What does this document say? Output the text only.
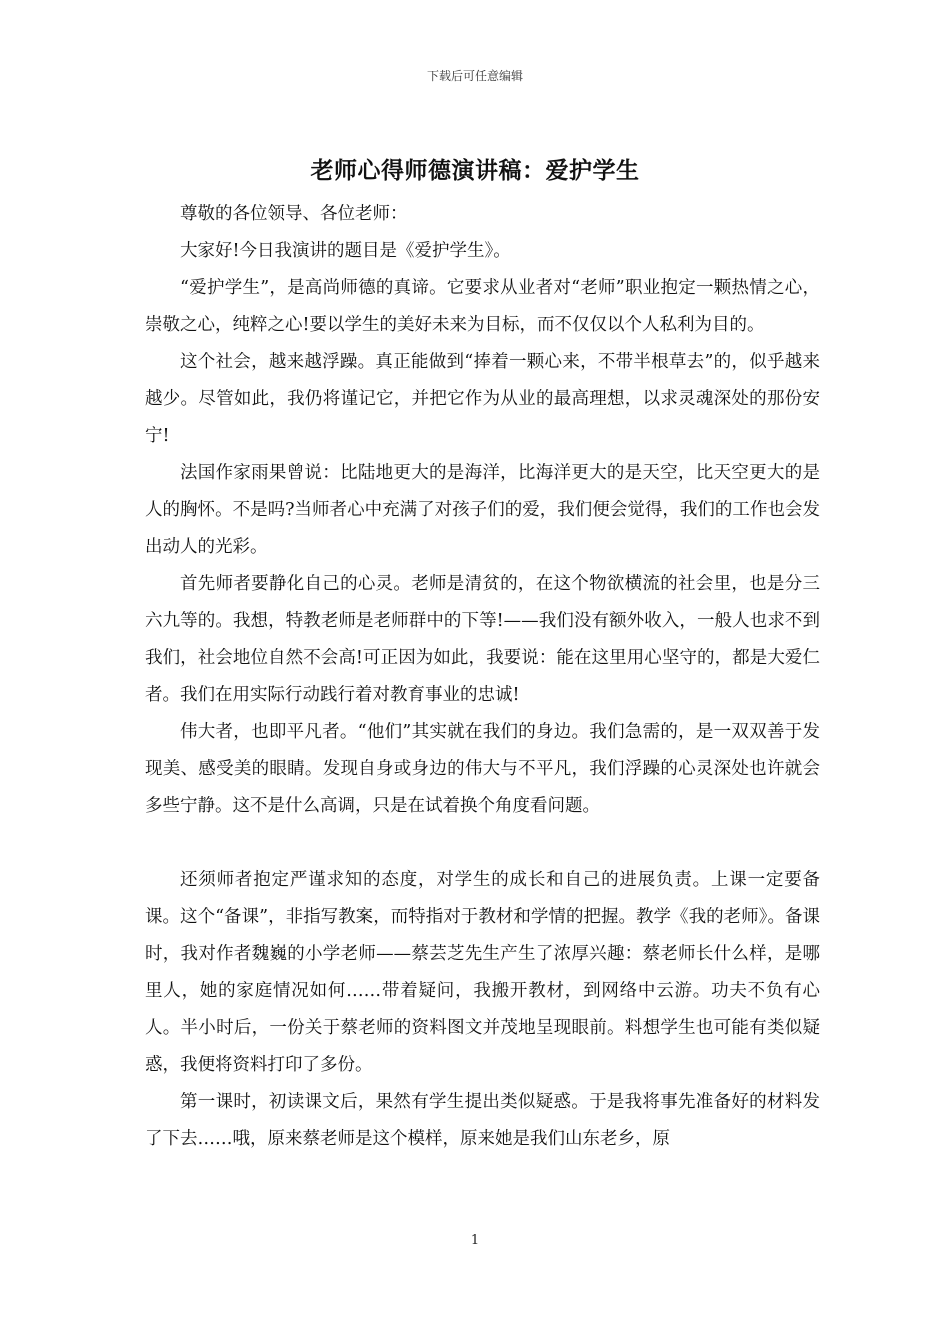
下载后可任意编辑
老师心得师德演讲稿：爱护学生

尊敬的各位领导、各位老师：

大家好!今日我演讲的题目是《爱护学生》。

“爱护学生”，是高尚师德的真谛。它要求从业者对“老师”职业抱定一颗热情之心，崇敬之心，纯粹之心!要以学生的美好未来为目标，而不仅仅以个人私利为目的。

这个社会，越来越浮躁。真正能做到“捧着一颗心来，不带半根草去”的，似乎越来越少。尽管如此，我仍将谨记它，并把它作为从业的最高理想，以求灵魂深处的那份安宁!

法国作家雨果曾说：比陆地更大的是海洋，比海洋更大的是天空，比天空更大的是人的胸怀。不是吗?当师者心中充满了对孩子们的爱，我们便会觉得，我们的工作也会发出动人的光彩。

首先师者要静化自己的心灵。老师是清贫的，在这个物欲横流的社会里，也是分三六九等的。我想，特教老师是老师群中的下等!——我们没有额外收入，一般人也求不到我们，社会地位自然不会高!可正因为如此，我要说：能在这里用心坚守的，都是大爱仁者。我们在用实际行动践行着对教育事业的忠诚!

伟大者，也即平凡者。“他们”其实就在我们的身边。我们急需的，是一双双善于发现美、感受美的眼睛。发现自身或身边的伟大与不平凡，我们浮躁的心灵深处也许就会多些宁静。这不是什么高调，只是在试着换个角度看问题。

还须师者抱定严谨求知的态度，对学生的成长和自己的进展负责。上课一定要备课。这个“备课”，非指写教案，而特指对于教材和学情的把握。教学《我的老师》。备课时，我对作者魏巍的小学老师——蔡芸芝先生产生了浓厚兴趣：蔡老师长什么样，是哪里人，她的家庭情况如何……带着疑问，我搬开教材，到网络中云游。功夫不负有心人。半小时后，一份关于蔡老师的资料图文并茂地呈现眼前。料想学生也可能有类似疑惑，我便将资料打印了多份。

第一课时，初读课文后，果然有学生提出类似疑惑。于是我将事先准备好的材料发了下去……哦，原来蔡老师是这个模样，原来她是我们山东老乡，原

1
